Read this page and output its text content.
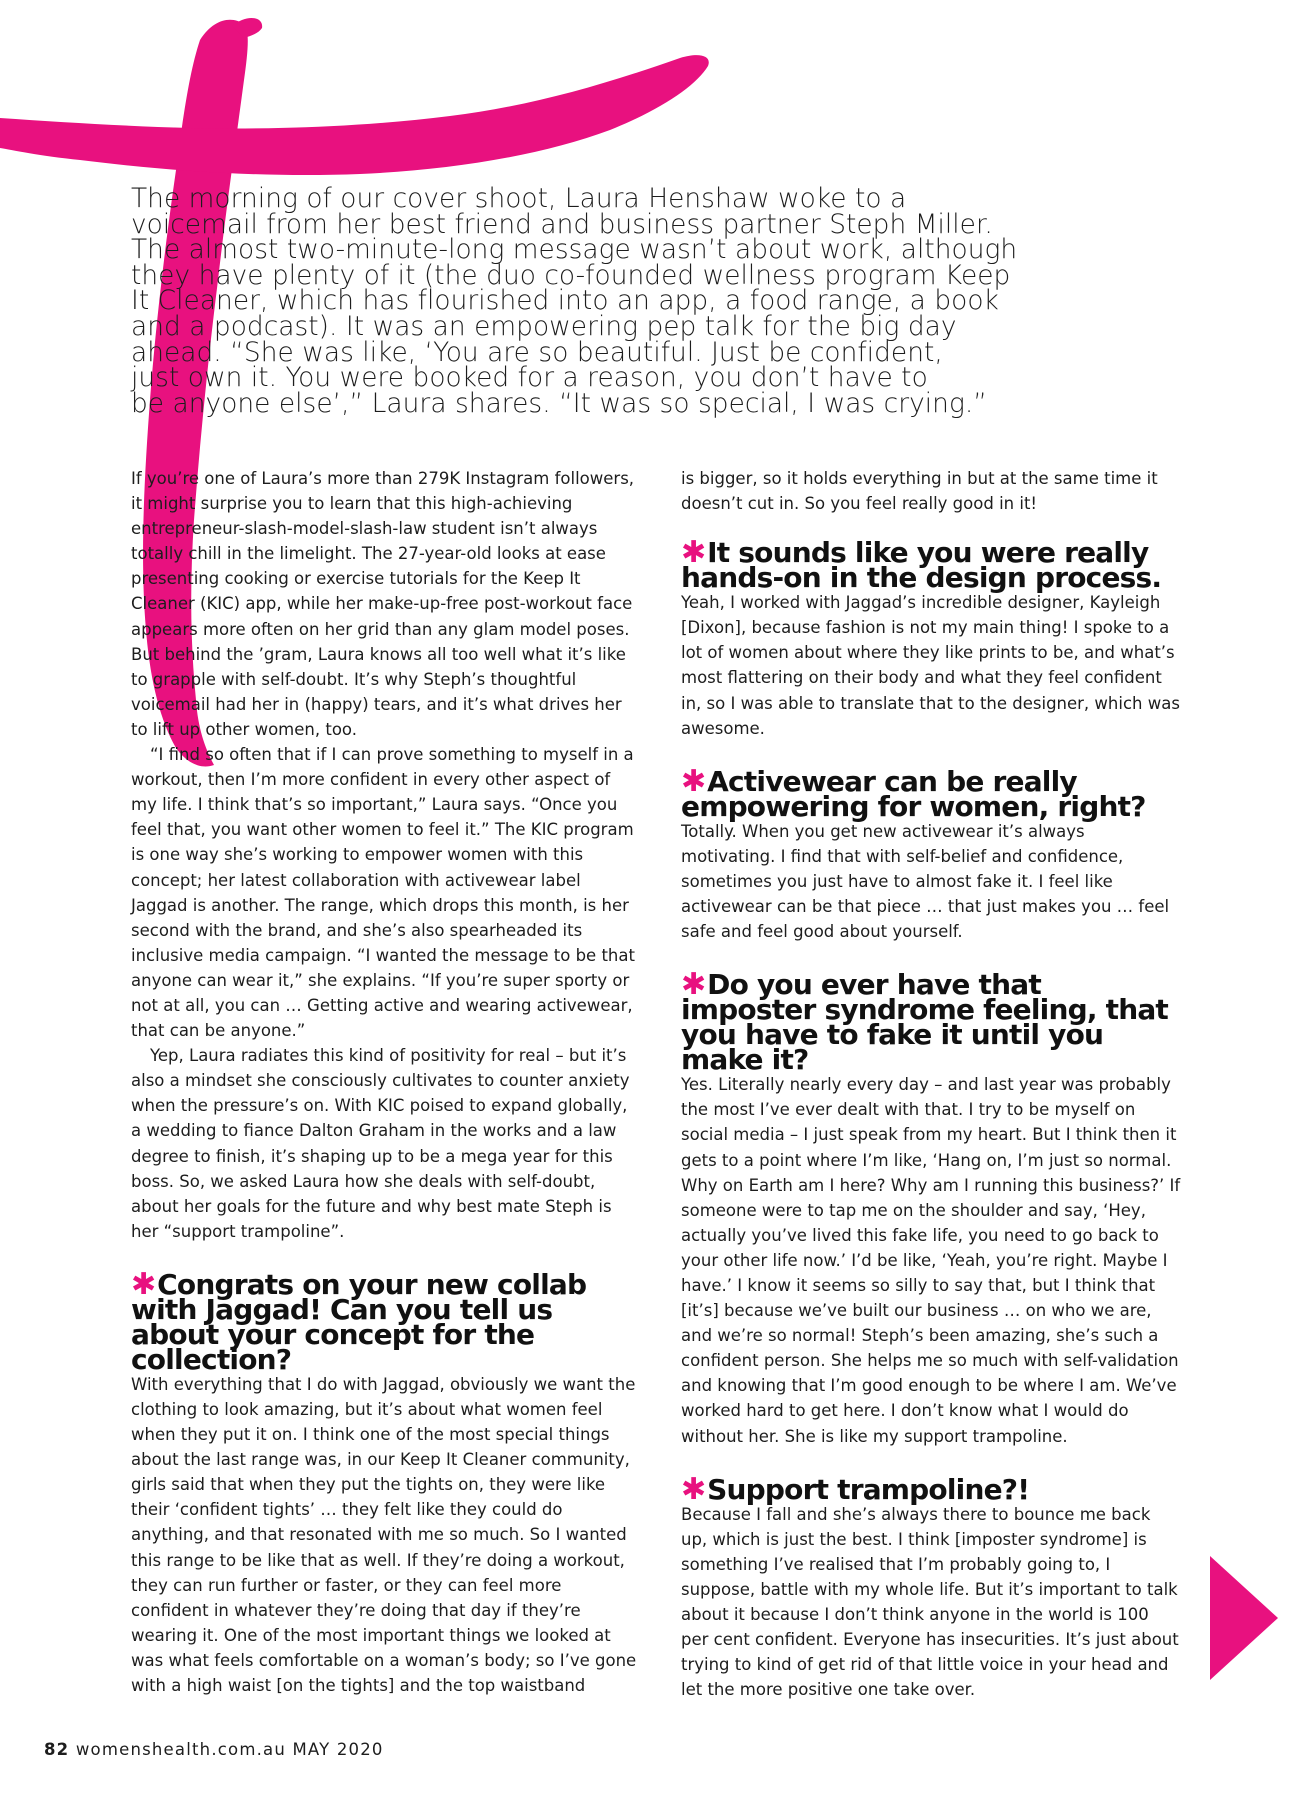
The morning of our cover shoot, Laura Henshaw woke to a
voicemail from her best friend and business partner Steph Miller.
The almost two-minute-long message wasn’t about work, although
they have plenty of it (the duo co-founded wellness program Keep
It Cleaner, which has flourished into an app, a food range, a book
and a podcast). It was an empowering pep talk for the big day
ahead. “She was like, ‘You are so beautiful. Just be confident,
just own it. You were booked for a reason, you don’t have to
be anyone else’,” Laura shares. “It was so special, I was crying.”

If you’re one of Laura’s more than 279K Instagram followers, it might surprise you to learn that this high-achieving entrepreneur-slash-model-slash-law student isn’t always totally chill in the limelight. The 27-year-old looks at ease presenting cooking or exercise tutorials for the Keep It Cleaner (KIC) app, while her make-up-free post-workout face appears more often on her grid than any glam model poses. But behind the ’gram, Laura knows all too well what it’s like to grapple with self-doubt. It’s why Steph’s thoughtful voicemail had her in (happy) tears, and it’s what drives her to lift up other women, too.

“I find so often that if I can prove something to myself in a workout, then I’m more confident in every other aspect of my life. I think that’s so important,” Laura says. “Once you feel that, you want other women to feel it.” The KIC program is one way she’s working to empower women with this concept; her latest collaboration with activewear label Jaggad is another. The range, which drops this month, is her second with the brand, and she’s also spearheaded its inclusive media campaign. “I wanted the message to be that anyone can wear it,” she explains. “If you’re super sporty or not at all, you can … Getting active and wearing activewear, that can be anyone.”

Yep, Laura radiates this kind of positivity for real – but it’s also a mindset she consciously cultivates to counter anxiety when the pressure’s on. With KIC poised to expand globally, a wedding to fiance Dalton Graham in the works and a law degree to finish, it’s shaping up to be a mega year for this boss. So, we asked Laura how she deals with self-doubt, about her goals for the future and why best mate Steph is her “support trampoline”.

✱Congrats on your new collab with Jaggad! Can you tell us about your concept for the collection?

With everything that I do with Jaggad, obviously we want the clothing to look amazing, but it’s about what women feel when they put it on. I think one of the most special things about the last range was, in our Keep It Cleaner community, girls said that when they put the tights on, they were like their ‘confident tights’ … they felt like they could do anything, and that resonated with me so much. So I wanted this range to be like that as well. If they’re doing a workout, they can run further or faster, or they can feel more confident in whatever they’re doing that day if they’re wearing it. One of the most important things we looked at was what feels comfortable on a woman’s body; so I’ve gone with a high waist [on the tights] and the top waistband

is bigger, so it holds everything in but at the same time it doesn’t cut in. So you feel really good in it!

✱It sounds like you were really hands-on in the design process.

Yeah, I worked with Jaggad’s incredible designer, Kayleigh [Dixon], because fashion is not my main thing! I spoke to a lot of women about where they like prints to be, and what’s most flattering on their body and what they feel confident in, so I was able to translate that to the designer, which was awesome.

✱Activewear can be really empowering for women, right?

Totally. When you get new activewear it’s always motivating. I find that with self-belief and confidence, sometimes you just have to almost fake it. I feel like activewear can be that piece … that just makes you … feel safe and feel good about yourself.

✱Do you ever have that imposter syndrome feeling, that you have to fake it until you make it?

Yes. Literally nearly every day – and last year was probably the most I’ve ever dealt with that. I try to be myself on social media – I just speak from my heart. But I think then it gets to a point where I’m like, ‘Hang on, I’m just so normal. Why on Earth am I here? Why am I running this business?’ If someone were to tap me on the shoulder and say, ‘Hey, actually you’ve lived this fake life, you need to go back to your other life now.’ I’d be like, ‘Yeah, you’re right. Maybe I have.’ I know it seems so silly to say that, but I think that [it’s] because we’ve built our business … on who we are, and we’re so normal! Steph’s been amazing, she’s such a confident person. She helps me so much with self-validation and knowing that I’m good enough to be where I am. We’ve worked hard to get here. I don’t know what I would do without her. She is like my support trampoline.

✱Support trampoline?!

Because I fall and she’s always there to bounce me back up, which is just the best. I think [imposter syndrome] is something I’ve realised that I’m probably going to, I suppose, battle with my whole life. But it’s important to talk about it because I don’t think anyone in the world is 100 per cent confident. Everyone has insecurities. It’s just about trying to kind of get rid of that little voice in your head and let the more positive one take over.

82 womenshealth.com.au MAY 2020
